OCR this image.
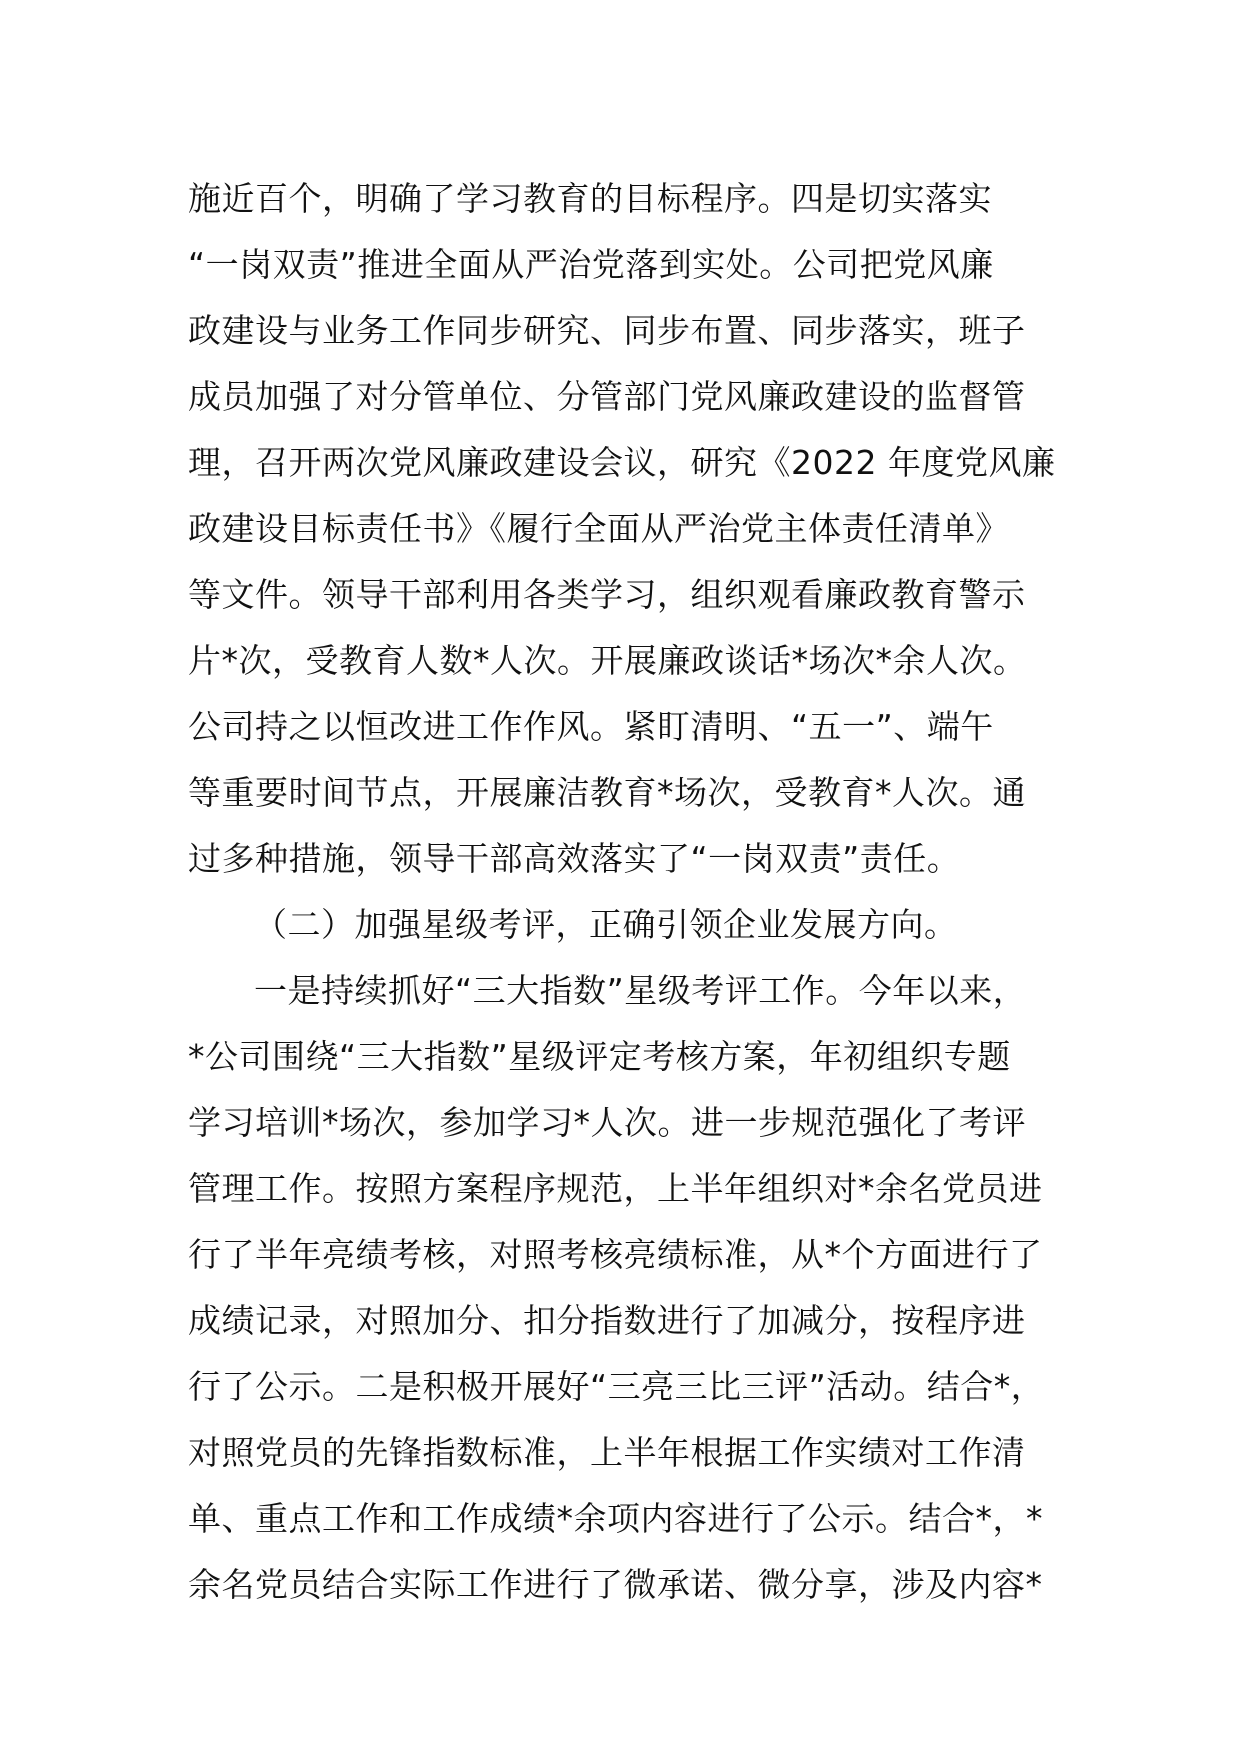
施近百个，明确了学习教育的目标程序。四是切实落实
“一岗双责”推进全面从严治党落到实处。公司把党风廉
政建设与业务工作同步研究、同步布置、同步落实，班子
成员加强了对分管单位、分管部门党风廉政建设的监督管
理，召开两次党风廉政建设会议，研究《2022 年度党风廉
政建设目标责任书》《履行全面从严治党主体责任清单》
等文件。领导干部利用各类学习，组织观看廉政教育警示
片*次，受教育人数*人次。开展廉政谈话*场次*余人次。
公司持之以恒改进工作作风。紧盯清明、“五一”、端午
等重要时间节点，开展廉洁教育*场次，受教育*人次。通
过多种措施，领导干部高效落实了“一岗双责”责任。
（二）加强星级考评，正确引领企业发展方向。
一是持续抓好“三大指数”星级考评工作。今年以来，
*公司围绕“三大指数”星级评定考核方案，年初组织专题
学习培训*场次，参加学习*人次。进一步规范强化了考评
管理工作。按照方案程序规范，上半年组织对*余名党员进
行了半年亮绩考核，对照考核亮绩标准，从*个方面进行了
成绩记录，对照加分、扣分指数进行了加减分，按程序进
行了公示。二是积极开展好“三亮三比三评”活动。结合*，
对照党员的先锋指数标准，上半年根据工作实绩对工作清
单、重点工作和工作成绩*余项内容进行了公示。结合*，*
余名党员结合实际工作进行了微承诺、微分享，涉及内容*
